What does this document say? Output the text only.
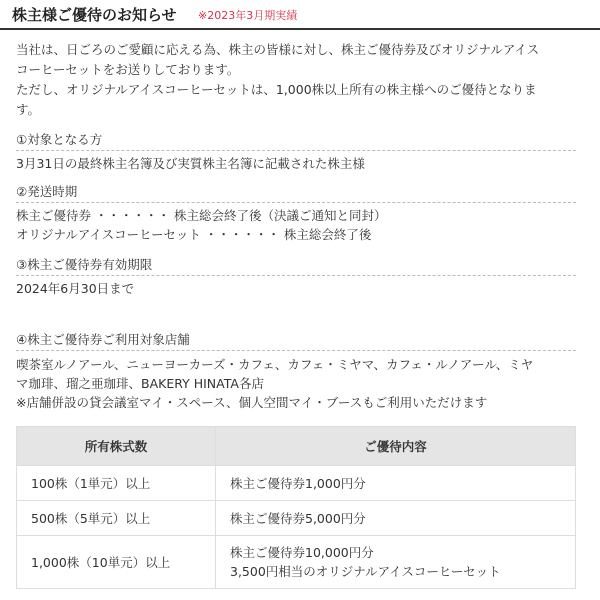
株主様ご優待のお知らせ ※2023年3月期実績
当社は、日ごろのご愛顧に応える為、株主の皆様に対し、株主ご優待券及びオリジナルアイス
コーヒーセットをお送りしております。
ただし、オリジナルアイスコーヒーセットは、1,000株以上所有の株主様へのご優待となりま
す。
①対象となる方
3月31日の最終株主名簿及び実質株主名簿に記載された株主様
②発送時期
株主ご優待券 ・・・・・・ 株主総会終了後（決議ご通知と同封）
オリジナルアイスコーヒーセット ・・・・・・ 株主総会終了後
③株主ご優待券有効期限
2024年6月30日まで
④株主ご優待券ご利用対象店舗
喫茶室ルノアール、ニューヨーカーズ・カフェ、カフェ・ミヤマ、カフェ・ルノアール、ミヤ
マ珈琲、瑠之亜珈琲、BAKERY HINATA各店
※店舗併設の貸会議室マイ・スペース、個人空間マイ・ブースもご利用いただけます
所有株式数	ご優待内容
100株（1単元）以上	株主ご優待券1,000円分

500株（5単元）以上	株主ご優待券5,000円分

1,000株（10単元）以上	株主ご優待券10,000円分
3,500円相当のオリジナルアイスコーヒーセット
